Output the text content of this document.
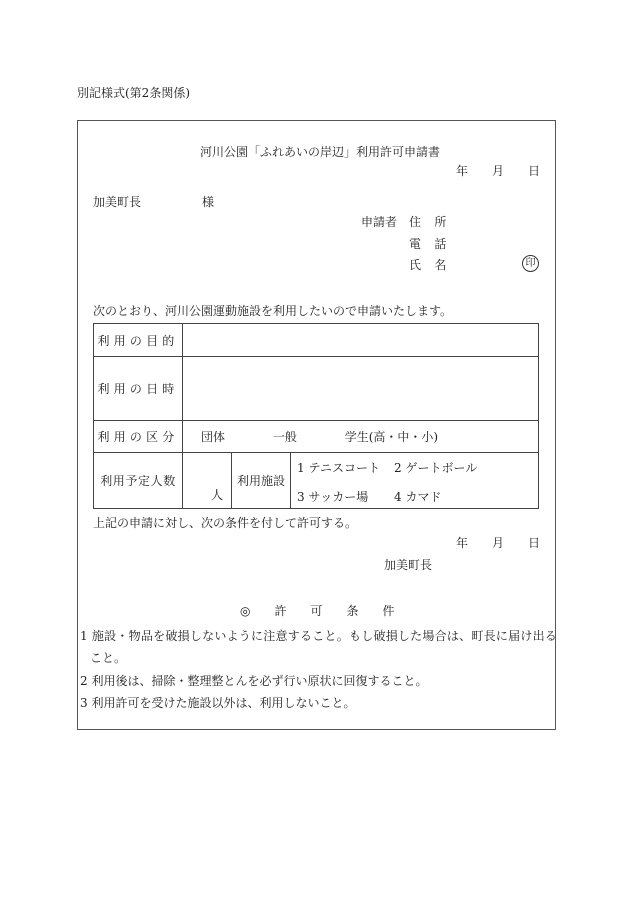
別記様式(第2条関係)
河川公園「ふれあいの岸辺」利用許可申請書
年 月 日
加美町長	様
申請者 住 所
電 話
氏 名	印
次のとおり、河川公園運動施設を利用したいので申請いたします。
利用の目的			
利用の日時			
利用の区分	団体 一般 学生(高・中・小)		
利用予定人数	人	利用施設	1 テニスコート 2 ゲートボール
3 サッカー場 4 カマド
上記の申請に対し、次の条件を付して許可する。
年 月 日
加美町長
◎　　許　　可　　条　　件
1 施設・物品を破損しないように注意すること。もし破損した場合は、町長に届け出る
こと。
2 利用後は、掃除・整理整とんを必ず行い原状に回復すること。
3 利用許可を受けた施設以外は、利用しないこと。
